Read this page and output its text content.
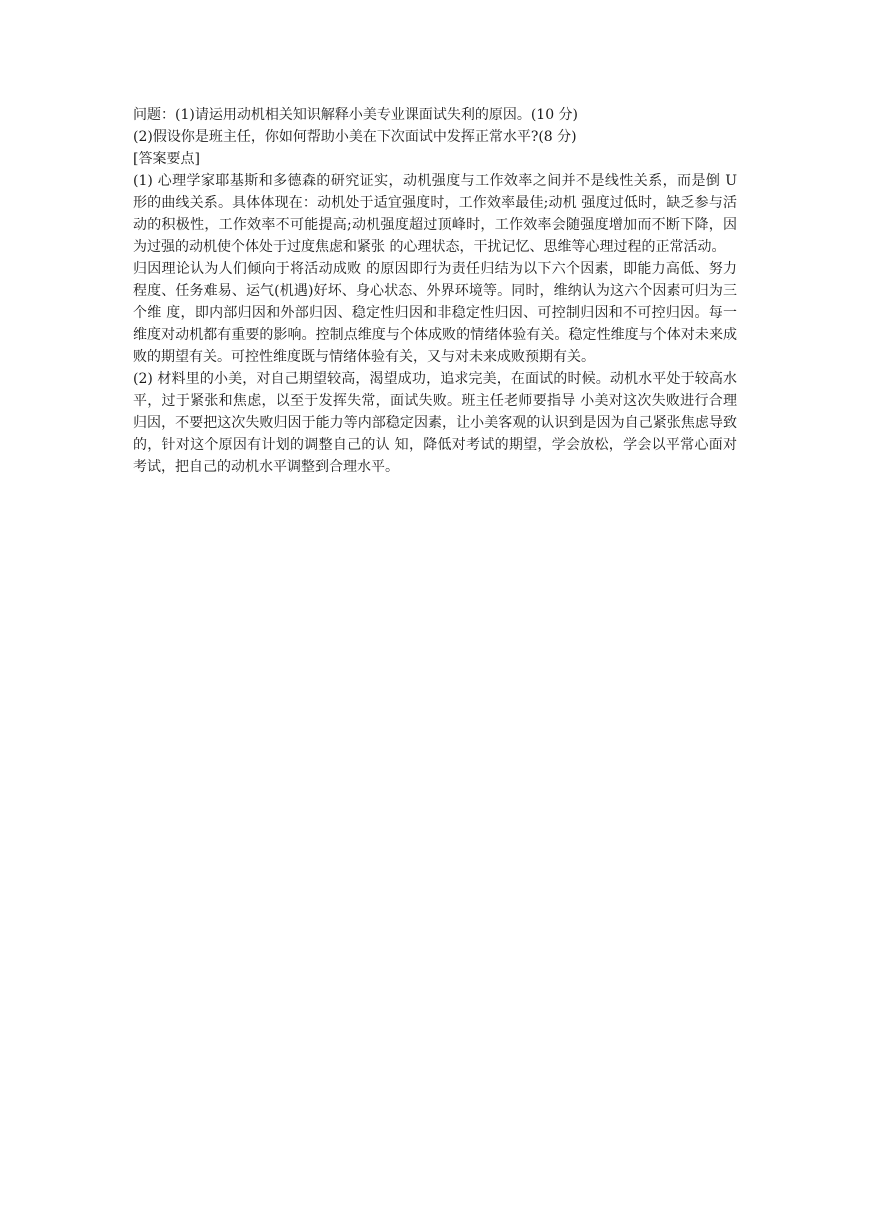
问题：(1)请运用动机相关知识解释小美专业课面试失利的原因。(10 分)

(2)假设你是班主任，你如何帮助小美在下次面试中发挥正常水平?(8 分)

[答案要点]

(1) 心理学家耶基斯和多德森的研究证实，动机强度与工作效率之间并不是线性关系，而是倒 U 形的曲线关系。具体体现在：动机处于适宜强度时，工作效率最佳;动机 强度过低时，缺乏参与活动的积极性，工作效率不可能提高;动机强度超过顶峰时，工作效率会随强度增加而不断下降，因为过强的动机使个体处于过度焦虑和紧张 的心理状态，干扰记忆、思维等心理过程的正常活动。

归因理论认为人们倾向于将活动成败 的原因即行为责任归结为以下六个因素，即能力高低、努力程度、任务难易、运气(机遇)好坏、身心状态、外界环境等。同时，维纳认为这六个因素可归为三个维 度，即内部归因和外部归因、稳定性归因和非稳定性归因、可控制归因和不可控归因。每一维度对动机都有重要的影响。控制点维度与个体成败的情绪体验有关。稳定性维度与个体对未来成败的期望有关。可控性维度既与情绪体验有关，又与对未来成败预期有关。

(2) 材料里的小美，对自己期望较高，渴望成功，追求完美，在面试的时候。动机水平处于较高水平，过于紧张和焦虑，以至于发挥失常，面试失败。班主任老师要指导 小美对这次失败进行合理归因，不要把这次失败归因于能力等内部稳定因素，让小美客观的认识到是因为自己紧张焦虑导致的，针对这个原因有计划的调整自己的认 知，降低对考试的期望，学会放松，学会以平常心面对考试，把自己的动机水平调整到合理水平。
